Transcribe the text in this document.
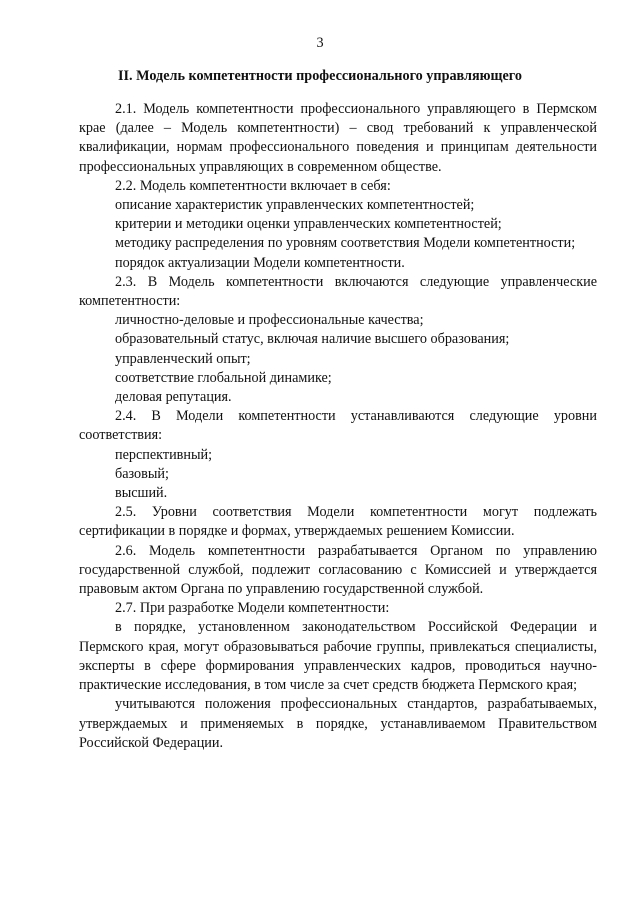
3
II. Модель компетентности профессионального управляющего

2.1. Модель компетентности профессионального управляющего в Пермском крае (далее – Модель компетентности) – свод требований к управленческой квалификации, нормам профессионального поведения и принципам деятельности профессиональных управляющих в современном обществе.

2.2. Модель компетентности включает в себя:

описание характеристик управленческих компетентностей;

критерии и методики оценки управленческих компетентностей;

методику распределения по уровням соответствия Модели компетентности;

порядок актуализации Модели компетентности.

2.3. В Модель компетентности включаются следующие управленческие компетентности:

личностно-деловые и профессиональные качества;

образовательный статус, включая наличие высшего образования;

управленческий опыт;

соответствие глобальной динамике;

деловая репутация.

2.4. В Модели компетентности устанавливаются следующие уровни соответствия:

перспективный;

базовый;

высший.

2.5. Уровни соответствия Модели компетентности могут подлежать сертификации в порядке и формах, утверждаемых решением Комиссии.

2.6. Модель компетентности разрабатывается Органом по управлению государственной службой, подлежит согласованию с Комиссией и утверждается правовым актом Органа по управлению государственной службой.

2.7. При разработке Модели компетентности:

в порядке, установленном законодательством Российской Федерации и Пермского края, могут образовываться рабочие группы, привлекаться специалисты, эксперты в сфере формирования управленческих кадров, проводиться научно-практические исследования, в том числе за счет средств бюджета Пермского края;

учитываются положения профессиональных стандартов, разрабатываемых, утверждаемых и применяемых в порядке, устанавливаемом Правительством Российской Федерации.
